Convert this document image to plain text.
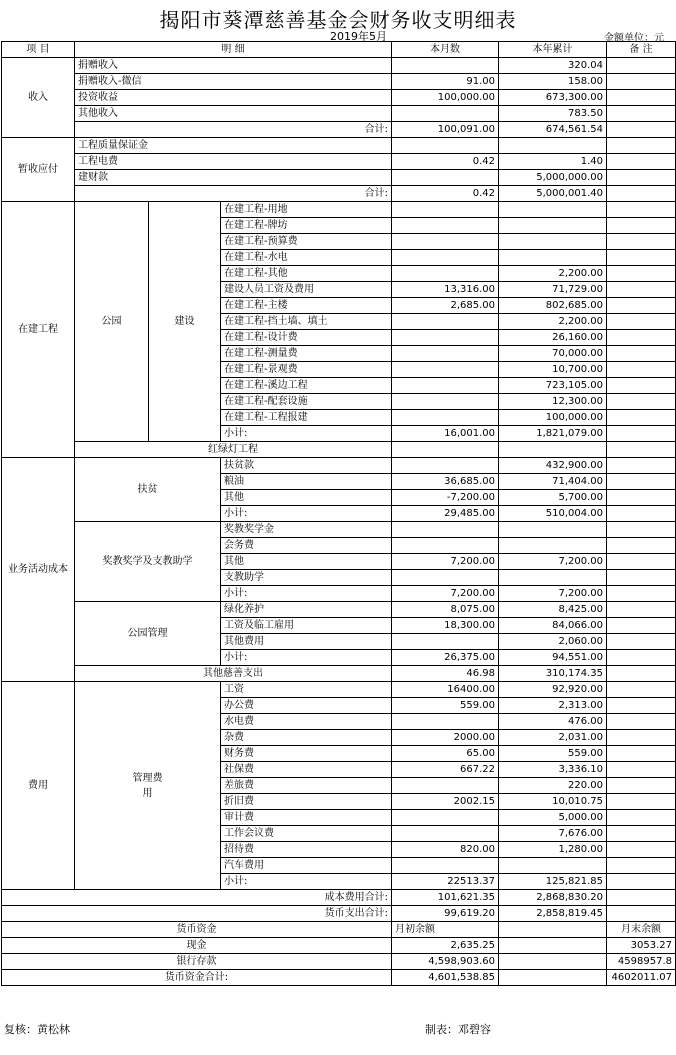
揭阳市葵潭慈善基金会财务收支明细表
2019年5月	金额单位：元
项 目	明 细			本月数	本年累计	备 注
收入	捐赠收入				320.04	
	捐赠收入-微信			91.00	158.00	
	投资收益			100,000.00	673,300.00	
	其他收入				783.50	
	合计:			100,091.00	674,561.54	
暂收应付	工程质量保证金					
	工程电费			0.42	1.40	
	建财款				5,000,000.00	
	合计:			0.42	5,000,001.40	
在建工程	公园	建设	在建工程-用地			
			在建工程-牌坊			
			在建工程-预算费			
			在建工程-水电			
			在建工程-其他		2,200.00	
			建设人员工资及费用	13,316.00	71,729.00	
			在建工程-主楼	2,685.00	802,685.00	
			在建工程-挡土墙、填土		2,200.00	
			在建工程-设计费		26,160.00	
			在建工程-测量费		70,000.00	
			在建工程-景观费		10,700.00	
			在建工程-溪边工程		723,105.00	
			在建工程-配套设施		12,300.00	
			在建工程-工程报建		100,000.00	
			小计:	16,001.00	1,821,079.00	
	红绿灯工程					
业务活动成本	扶贫		扶贫款		432,900.00	
			粮油	36,685.00	71,404.00	
			其他	-7,200.00	5,700.00	
			小计:	29,485.00	510,004.00	
	奖教奖学及支教助学		奖教奖学金			
			会务费			
			其他	7,200.00	7,200.00	
			支教助学			
			小计:	7,200.00	7,200.00	
	公园管理		绿化养护	8,075.00	8,425.00	
			工资及临工雇用	18,300.00	84,066.00	
			其他费用		2,060.00	
			小计:	26,375.00	94,551.00	
	其他慈善支出			46.98	310,174.35	
费用	管理费用		工资	16400.00	92,920.00	
			办公费	559.00	2,313.00	
			水电费		476.00	
			杂费	2000.00	2,031.00	
			财务费	65.00	559.00	
			社保费	667.22	3,336.10	
			差旅费		220.00	
			折旧费	2002.15	10,010.75	
			审计费		5,000.00	
			工作会议费		7,676.00	
			招待费	820.00	1,280.00	
			汽车费用			
			小计:	22513.37	125,821.85	
成本费用合计:				101,621.35	2,868,830.20	
货币支出合计:				99,619.20	2,858,819.45	
货币资金				月初余额		月末余额
现金				2,635.25		3053.27
银行存款				4,598,903.60		4598957.8
货币资金合计:				4,601,538.85		4602011.07
复核：黄松林	制表：邓碧容
